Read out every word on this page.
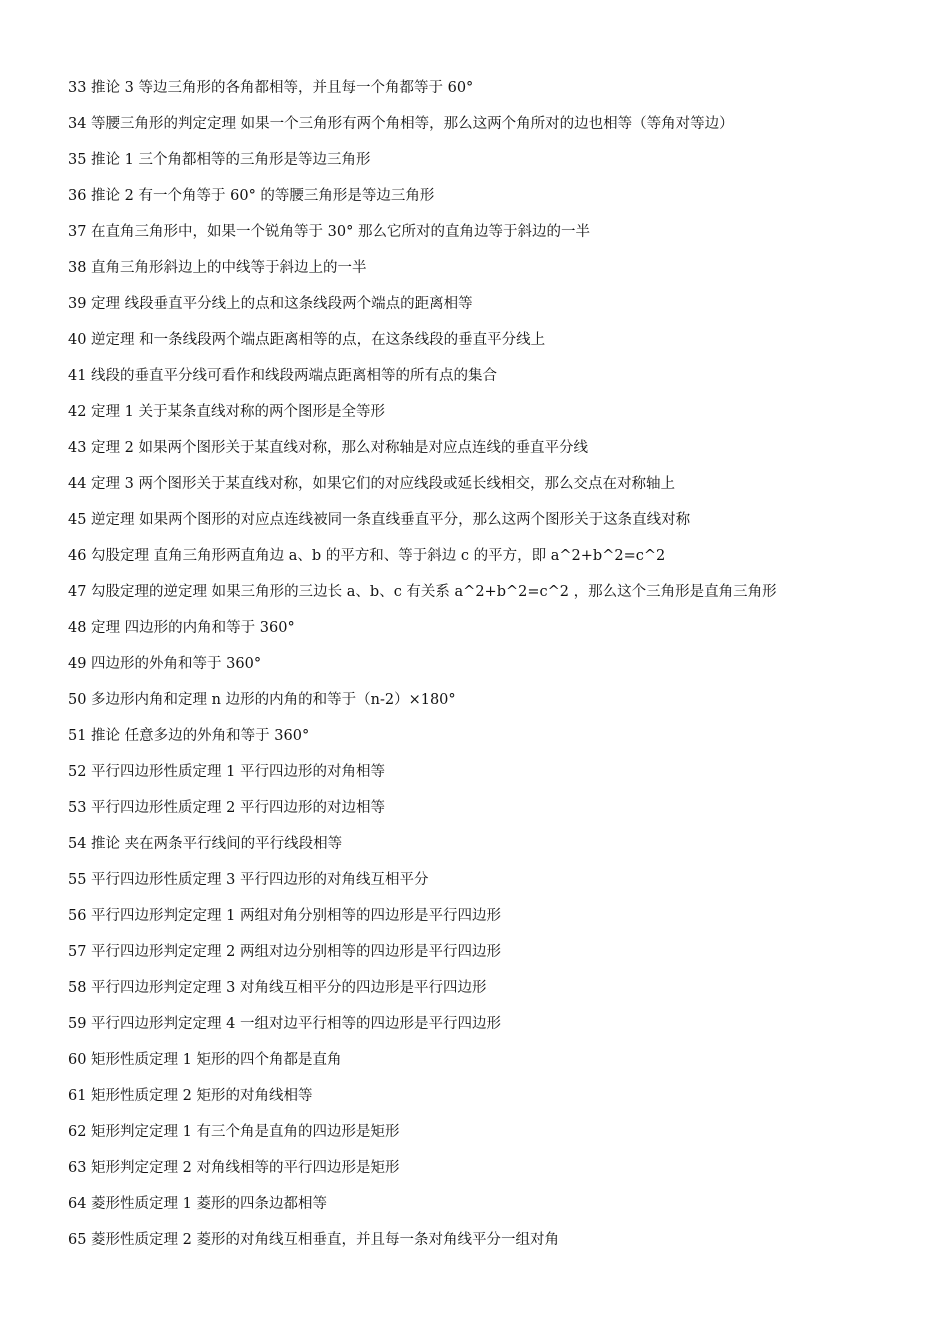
33 推论 3 等边三角形的各角都相等，并且每一个角都等于 60°
34 等腰三角形的判定定理 如果一个三角形有两个角相等，那么这两个角所对的边也相等（等角对等边）
35 推论 1 三个角都相等的三角形是等边三角形
36 推论 2 有一个角等于 60° 的等腰三角形是等边三角形
37 在直角三角形中，如果一个锐角等于 30° 那么它所对的直角边等于斜边的一半
38 直角三角形斜边上的中线等于斜边上的一半
39 定理 线段垂直平分线上的点和这条线段两个端点的距离相等
40 逆定理 和一条线段两个端点距离相等的点，在这条线段的垂直平分线上
41 线段的垂直平分线可看作和线段两端点距离相等的所有点的集合
42 定理 1 关于某条直线对称的两个图形是全等形
43 定理 2 如果两个图形关于某直线对称，那么对称轴是对应点连线的垂直平分线
44 定理 3 两个图形关于某直线对称，如果它们的对应线段或延长线相交，那么交点在对称轴上
45 逆定理 如果两个图形的对应点连线被同一条直线垂直平分，那么这两个图形关于这条直线对称
46 勾股定理 直角三角形两直角边 a、b 的平方和、等于斜边 c 的平方，即 a^2+b^2=c^2
47 勾股定理的逆定理 如果三角形的三边长 a、b、c 有关系 a^2+b^2=c^2 ，那么这个三角形是直角三角形
48 定理 四边形的内角和等于 360°
49 四边形的外角和等于 360°
50 多边形内角和定理 n 边形的内角的和等于（n-2）×180°
51 推论 任意多边的外角和等于 360°
52 平行四边形性质定理 1 平行四边形的对角相等
53 平行四边形性质定理 2 平行四边形的对边相等
54 推论 夹在两条平行线间的平行线段相等
55 平行四边形性质定理 3 平行四边形的对角线互相平分
56 平行四边形判定定理 1 两组对角分别相等的四边形是平行四边形
57 平行四边形判定定理 2 两组对边分别相等的四边形是平行四边形
58 平行四边形判定定理 3 对角线互相平分的四边形是平行四边形
59 平行四边形判定定理 4 一组对边平行相等的四边形是平行四边形
60 矩形性质定理 1 矩形的四个角都是直角
61 矩形性质定理 2 矩形的对角线相等
62 矩形判定定理 1 有三个角是直角的四边形是矩形
63 矩形判定定理 2 对角线相等的平行四边形是矩形
64 菱形性质定理 1 菱形的四条边都相等
65 菱形性质定理 2 菱形的对角线互相垂直，并且每一条对角线平分一组对角
